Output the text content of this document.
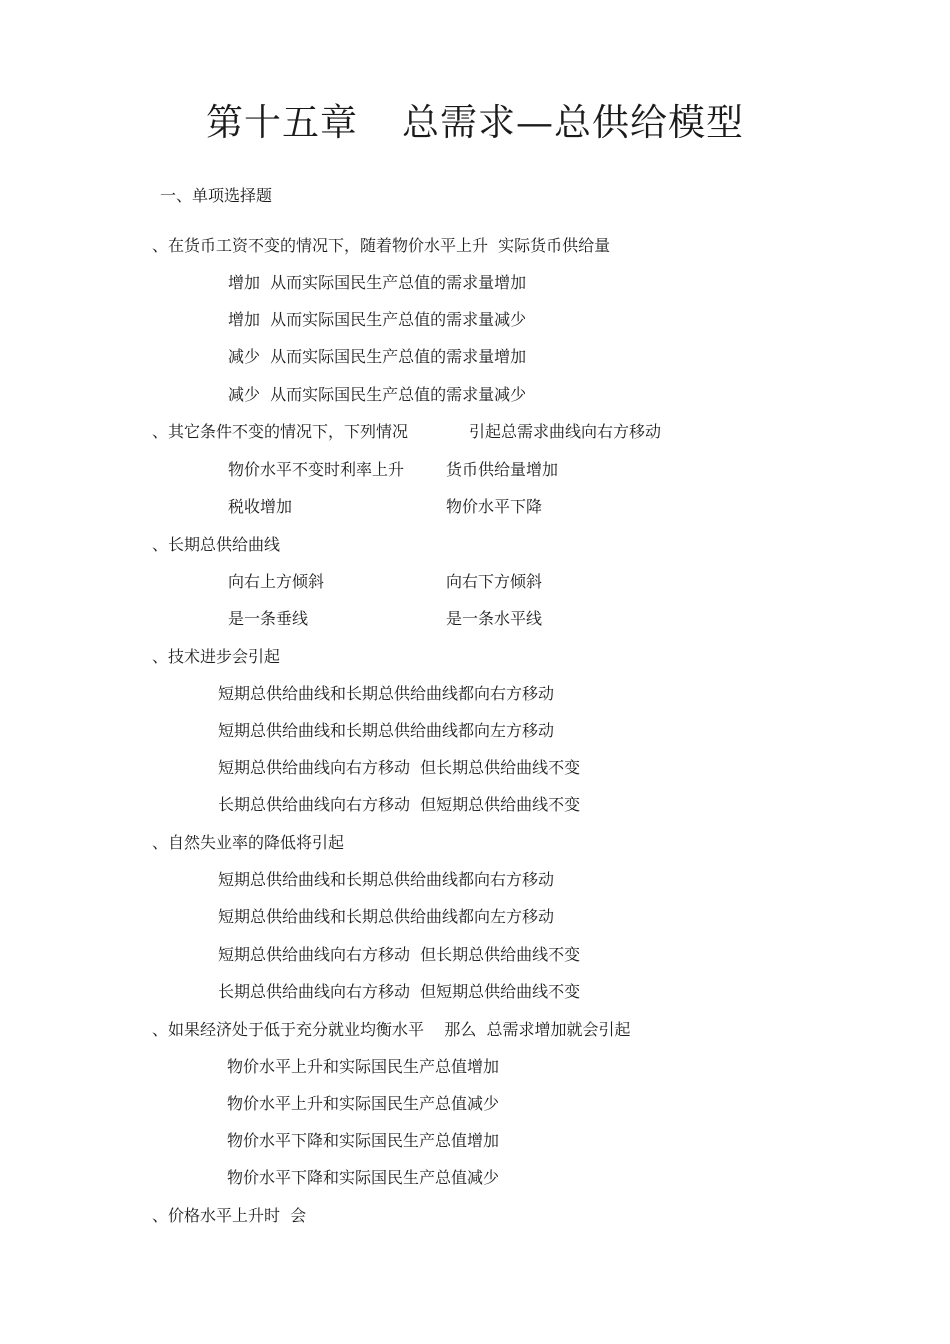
第十五章 总需求—总供给模型
一、单项选择题
、在货币工资不变的情况下，随着物价水平上升  实际货币供给量
增加  从而实际国民生产总值的需求量增加
增加  从而实际国民生产总值的需求量减少
减少  从而实际国民生产总值的需求量增加
减少  从而实际国民生产总值的需求量减少
、其它条件不变的情况下，下列情况            引起总需求曲线向右方移动
物价水平不变时利率上升	货币供给量增加
税收增加	物价水平下降
、长期总供给曲线
向右上方倾斜	向右下方倾斜
是一条垂线	是一条水平线
、技术进步会引起
短期总供给曲线和长期总供给曲线都向右方移动
短期总供给曲线和长期总供给曲线都向左方移动
短期总供给曲线向右方移动  但长期总供给曲线不变
长期总供给曲线向右方移动  但短期总供给曲线不变
、自然失业率的降低将引起
短期总供给曲线和长期总供给曲线都向右方移动
短期总供给曲线和长期总供给曲线都向左方移动
短期总供给曲线向右方移动  但长期总供给曲线不变
长期总供给曲线向右方移动  但短期总供给曲线不变
、如果经济处于低于充分就业均衡水平    那么  总需求增加就会引起
物价水平上升和实际国民生产总值增加
物价水平上升和实际国民生产总值减少
物价水平下降和实际国民生产总值增加
物价水平下降和实际国民生产总值减少
、价格水平上升时  会
